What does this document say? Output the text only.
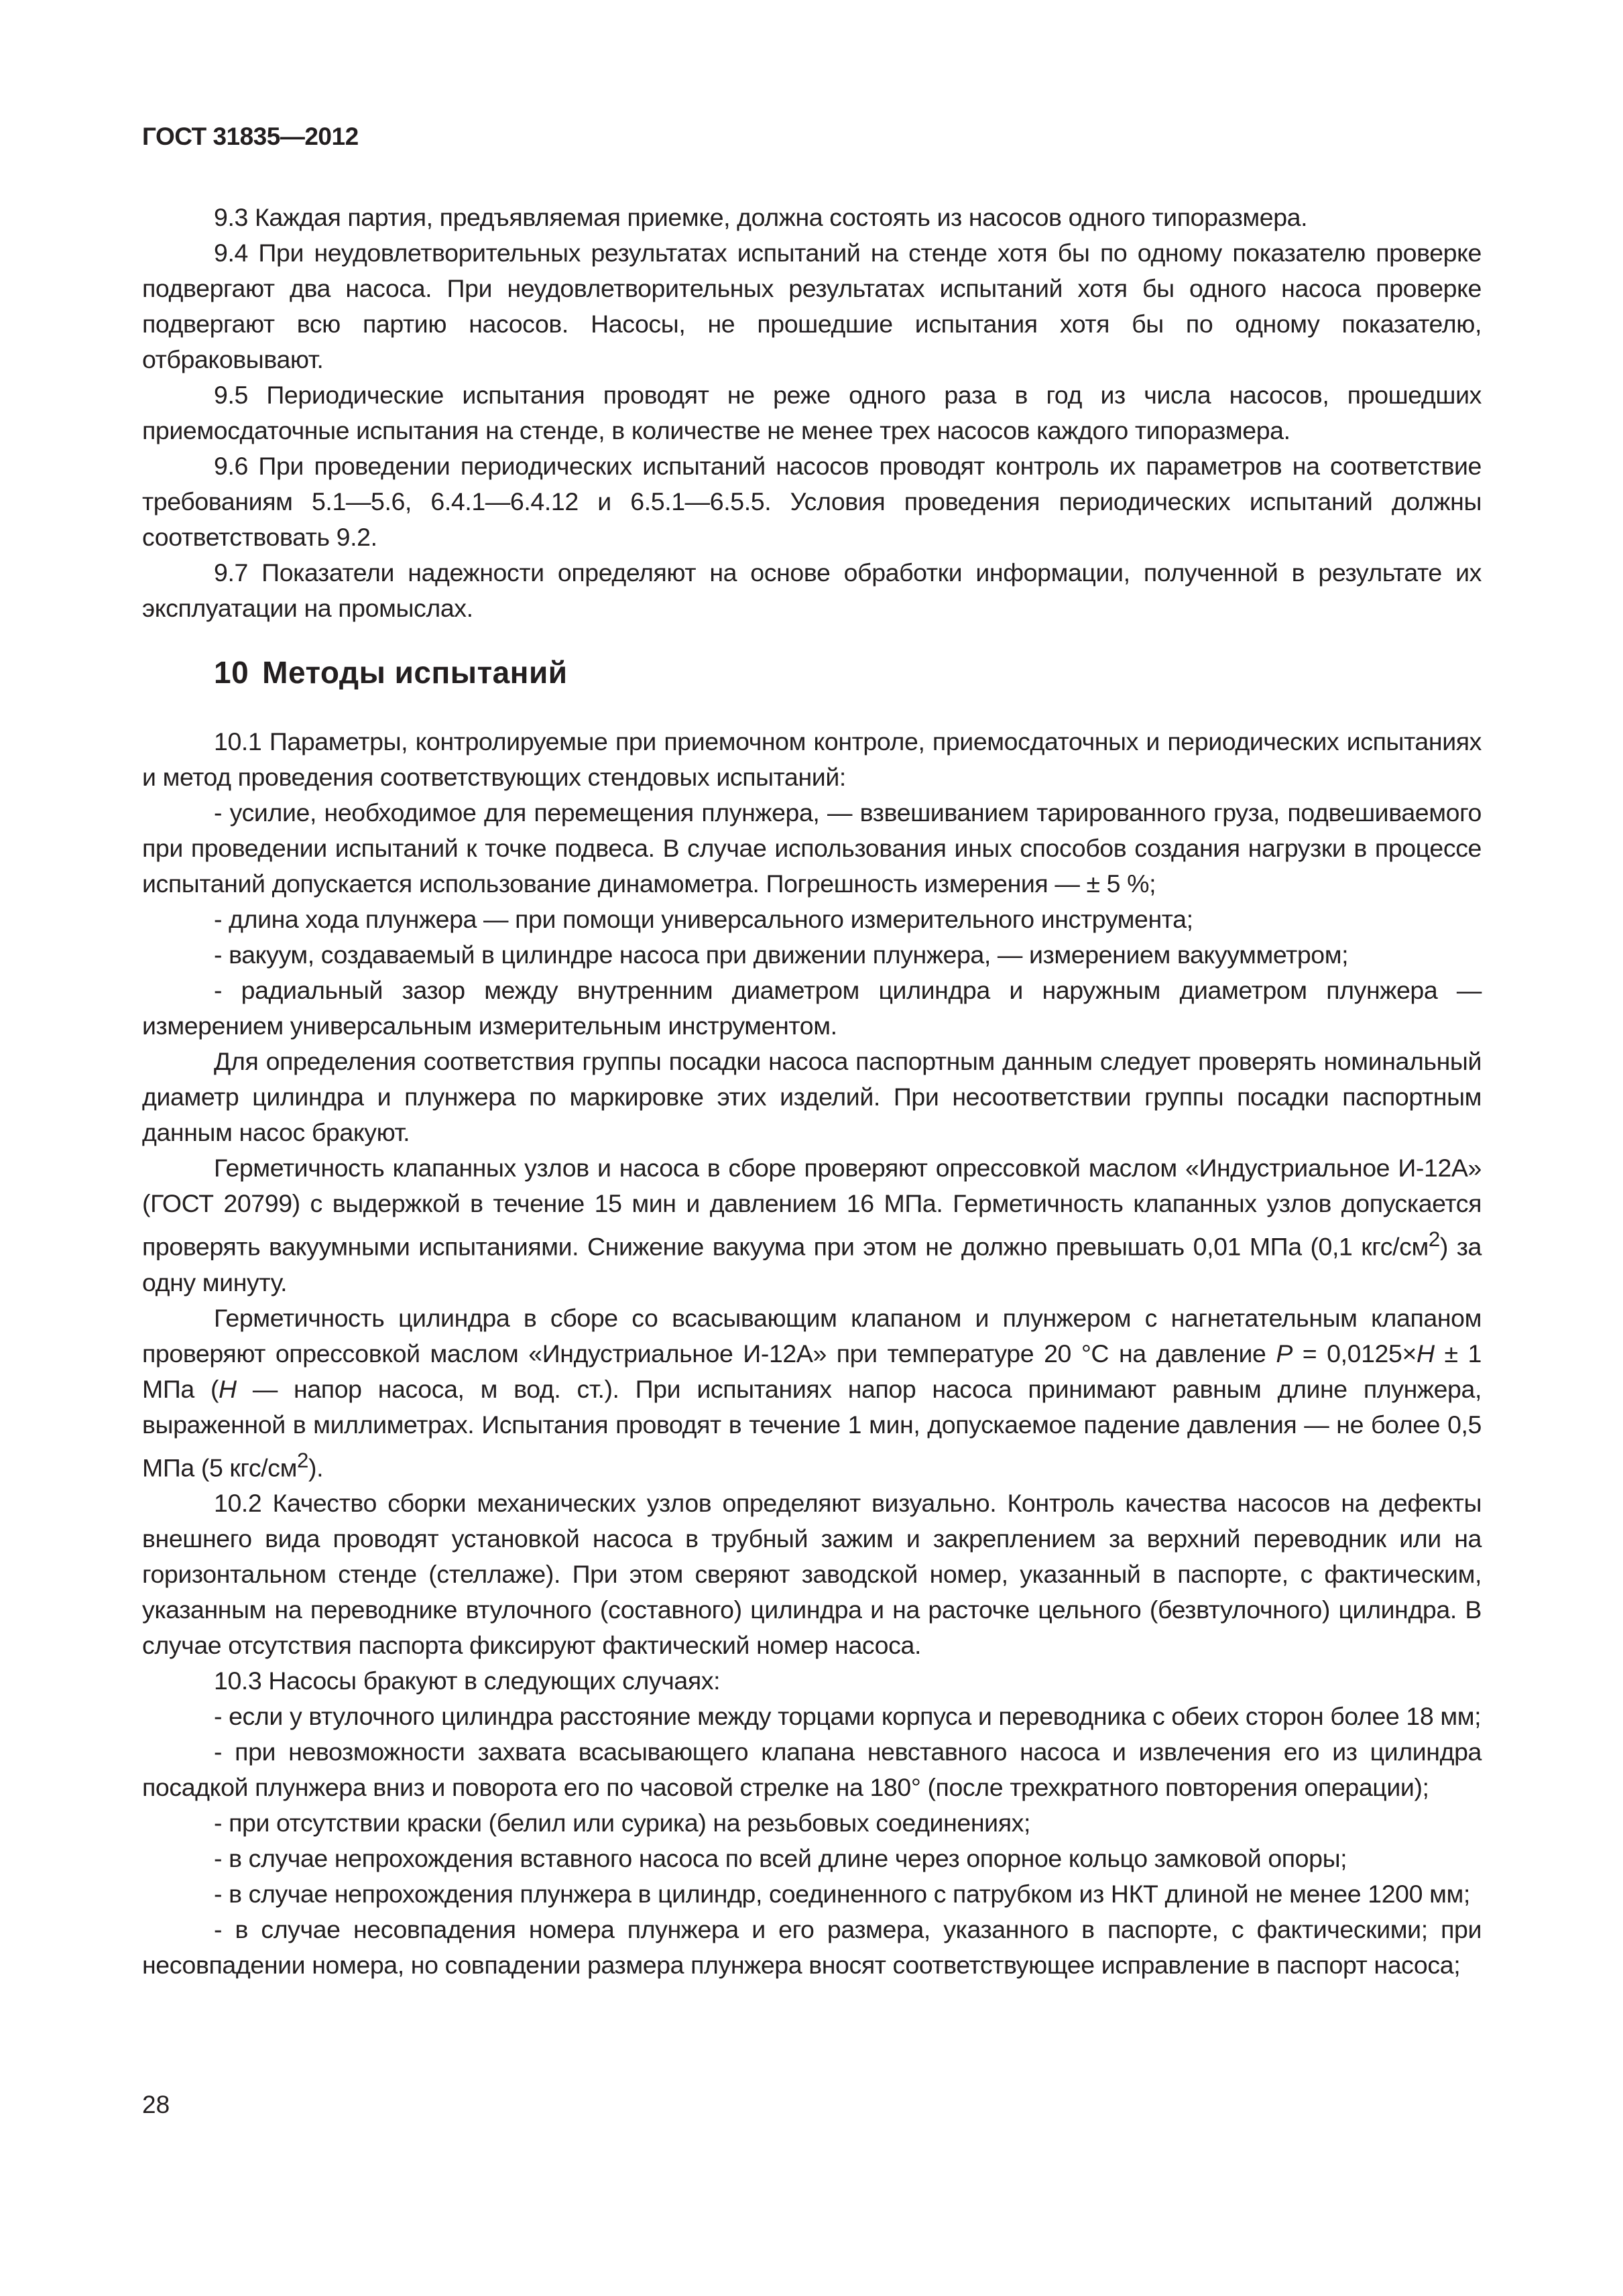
ГОСТ 31835—2012

9.3 Каждая партия, предъявляемая приемке, должна состоять из насосов одного типоразмера.

9.4 При неудовлетворительных результатах испытаний на стенде хотя бы по одному показателю проверке подвергают два насоса. При неудовлетворительных результатах испытаний хотя бы одного насоса проверке подвергают всю партию насосов. Насосы, не прошедшие испытания хотя бы по одному показателю, отбраковывают.

9.5 Периодические испытания проводят не реже одного раза в год из числа насосов, прошедших приемосдаточные испытания на стенде, в количестве не менее трех насосов каждого типоразмера.

9.6 При проведении периодических испытаний насосов проводят контроль их параметров на соответствие требованиям 5.1—5.6, 6.4.1—6.4.12 и 6.5.1—6.5.5. Условия проведения периодических испытаний должны соответствовать 9.2.

9.7 Показатели надежности определяют на основе обработки информации, полученной в результате их эксплуатации на промыслах.

10 Методы испытаний

10.1 Параметры, контролируемые при приемочном контроле, приемосдаточных и периодических испытаниях и метод проведения соответствующих стендовых испытаний:

- усилие, необходимое для перемещения плунжера, — взвешиванием тарированного груза, подвешиваемого при проведении испытаний к точке подвеса. В случае использования иных способов создания нагрузки в процессе испытаний допускается использование динамометра. Погрешность измерения — ± 5 %;

- длина хода плунжера — при помощи универсального измерительного инструмента;

- вакуум, создаваемый в цилиндре насоса при движении плунжера, — измерением вакуумметром;

- радиальный зазор между внутренним диаметром цилиндра и наружным диаметром плунжера — измерением универсальным измерительным инструментом.

Для определения соответствия группы посадки насоса паспортным данным следует проверять номинальный диаметр цилиндра и плунжера по маркировке этих изделий. При несоответствии группы посадки паспортным данным насос бракуют.

Герметичность клапанных узлов и насоса в сборе проверяют опрессовкой маслом «Индустриальное И-12А» (ГОСТ 20799) с выдержкой в течение 15 мин и давлением 16 МПа. Герметичность клапанных узлов допускается проверять вакуумными испытаниями. Снижение вакуума при этом не должно превышать 0,01 МПа (0,1 кгс/$см^2$) за одну минуту.

Герметичность цилиндра в сборе со всасывающим клапаном и плунжером с нагнетательным клапаном проверяют опрессовкой маслом «Индустриальное И-12А» при температуре 20 °С на давление P = 0,0125×H ± 1 МПа (H — напор насоса, м вод. ст.). При испытаниях напор насоса принимают равным длине плунжера, выраженной в миллиметрах. Испытания проводят в течение 1 мин, допускаемое падение давления — не более 0,5 МПа (5 кгс/$см^2$).

10.2 Качество сборки механических узлов определяют визуально. Контроль качества насосов на дефекты внешнего вида проводят установкой насоса в трубный зажим и закреплением за верхний переводник или на горизонтальном стенде (стеллаже). При этом сверяют заводской номер, указанный в паспорте, с фактическим, указанным на переводнике втулочного (составного) цилиндра и на расточке цельного (безвтулочного) цилиндра. В случае отсутствия паспорта фиксируют фактический номер насоса.

10.3 Насосы бракуют в следующих случаях:

- если у втулочного цилиндра расстояние между торцами корпуса и переводника с обеих сторон более 18 мм;

- при невозможности захвата всасывающего клапана невставного насоса и извлечения его из цилиндра посадкой плунжера вниз и поворота его по часовой стрелке на 180° (после трехкратного повторения операции);

- при отсутствии краски (белил или сурика) на резьбовых соединениях;

- в случае непрохождения вставного насоса по всей длине через опорное кольцо замковой опоры;

- в случае непрохождения плунжера в цилиндр, соединенного с патрубком из НКТ длиной не менее 1200 мм;

- в случае несовпадения номера плунжера и его размера, указанного в паспорте, с фактическими; при несовпадении номера, но совпадении размера плунжера вносят соответствующее исправление в паспорт насоса;

28
